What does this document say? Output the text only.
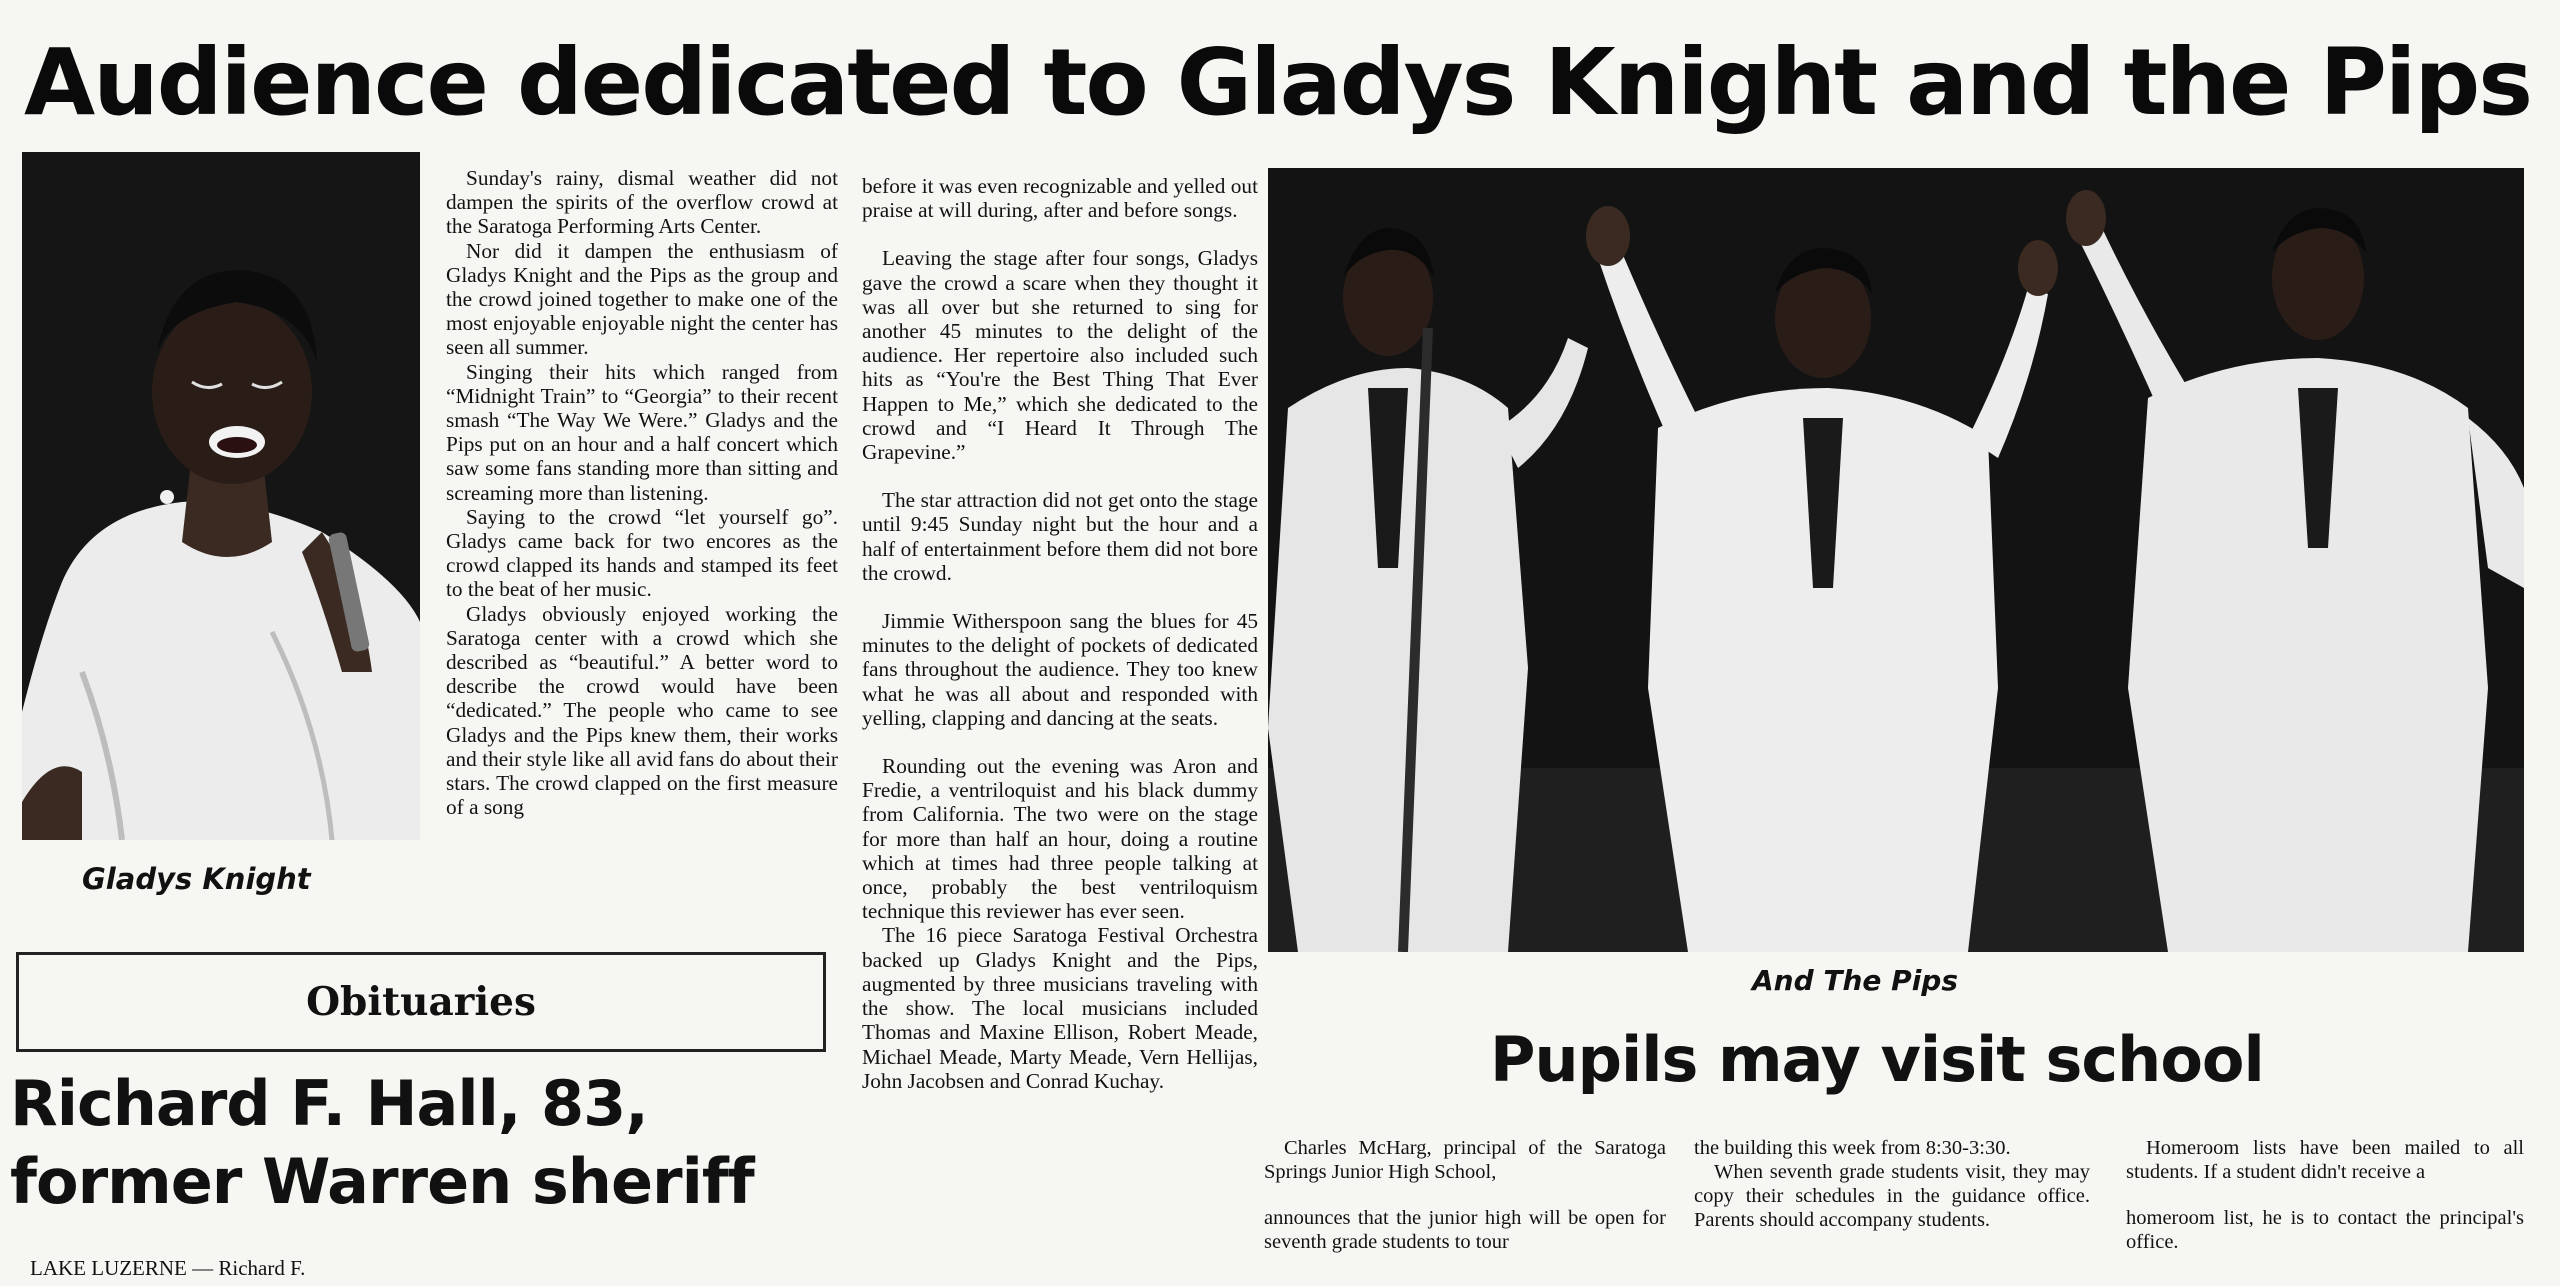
Audience dedicated to Gladys Knight and the Pips
Gladys Knight

Sunday's rainy, dismal weather did not dampen the spirits of the overflow crowd at the Saratoga Performing Arts Center.

Nor did it dampen the enthusiasm of Gladys Knight and the Pips as the group and the crowd joined together to make one of the most enjoyable enjoyable night the center has seen all summer.

Singing their hits which ranged from “Midnight Train” to “Georgia” to their recent smash “The Way We Were.” Gladys and the Pips put on an hour and a half concert which saw some fans standing more than sitting and screaming more than listening.

Saying to the crowd “let yourself go”. Gladys came back for two encores as the crowd clapped its hands and stamped its feet to the beat of her music.

Gladys obviously enjoyed working the Saratoga center with a crowd which she described as “beautiful.” A better word to describe the crowd would have been “dedicated.” The people who came to see Gladys and the Pips knew them, their works and their style like all avid fans do about their stars. The crowd clapped on the first measure of a song

before it was even recognizable and yelled out praise at will during, after and before songs.

Leaving the stage after four songs, Gladys gave the crowd a scare when they thought it was all over but she returned to sing for another 45 minutes to the delight of the audience. Her repertoire also included such hits as “You're the Best Thing That Ever Happen to Me,” which she dedicated to the crowd and “I Heard It Through The Grapevine.”

The star attraction did not get onto the stage until 9:45 Sunday night but the hour and a half of entertainment before them did not bore the crowd.

Jimmie Witherspoon sang the blues for 45 minutes to the delight of pockets of dedicated fans throughout the audience. They too knew what he was all about and responded with yelling, clapping and dancing at the seats.

Rounding out the evening was Aron and Fredie, a ventriloquist and his black dummy from California. The two were on the stage for more than half an hour, doing a routine which at times had three people talking at once, probably the best ventriloquism technique this reviewer has ever seen.

The 16 piece Saratoga Festival Orchestra backed up Gladys Knight and the Pips, augmented by three musicians traveling with the show. The local musicians included Thomas and Maxine Ellison, Robert Meade, Michael Meade, Marty Meade, Vern Hellijas, John Jacobsen and Conrad Kuchay.

And The Pips
Obituaries
Richard F. Hall, 83, former Warren sheriff
LAKE LUZERNE — Richard F.
Pupils may visit school

Charles McHarg, principal of the Saratoga Springs Junior High School,

announces that the junior high will be open for seventh grade students to tour

the building this week from 8:30-3:30.

When seventh grade students visit, they may copy their schedules in the guidance office. Parents should accompany students.

Homeroom lists have been mailed to all students. If a student didn't receive a

homeroom list, he is to contact the principal's office.
